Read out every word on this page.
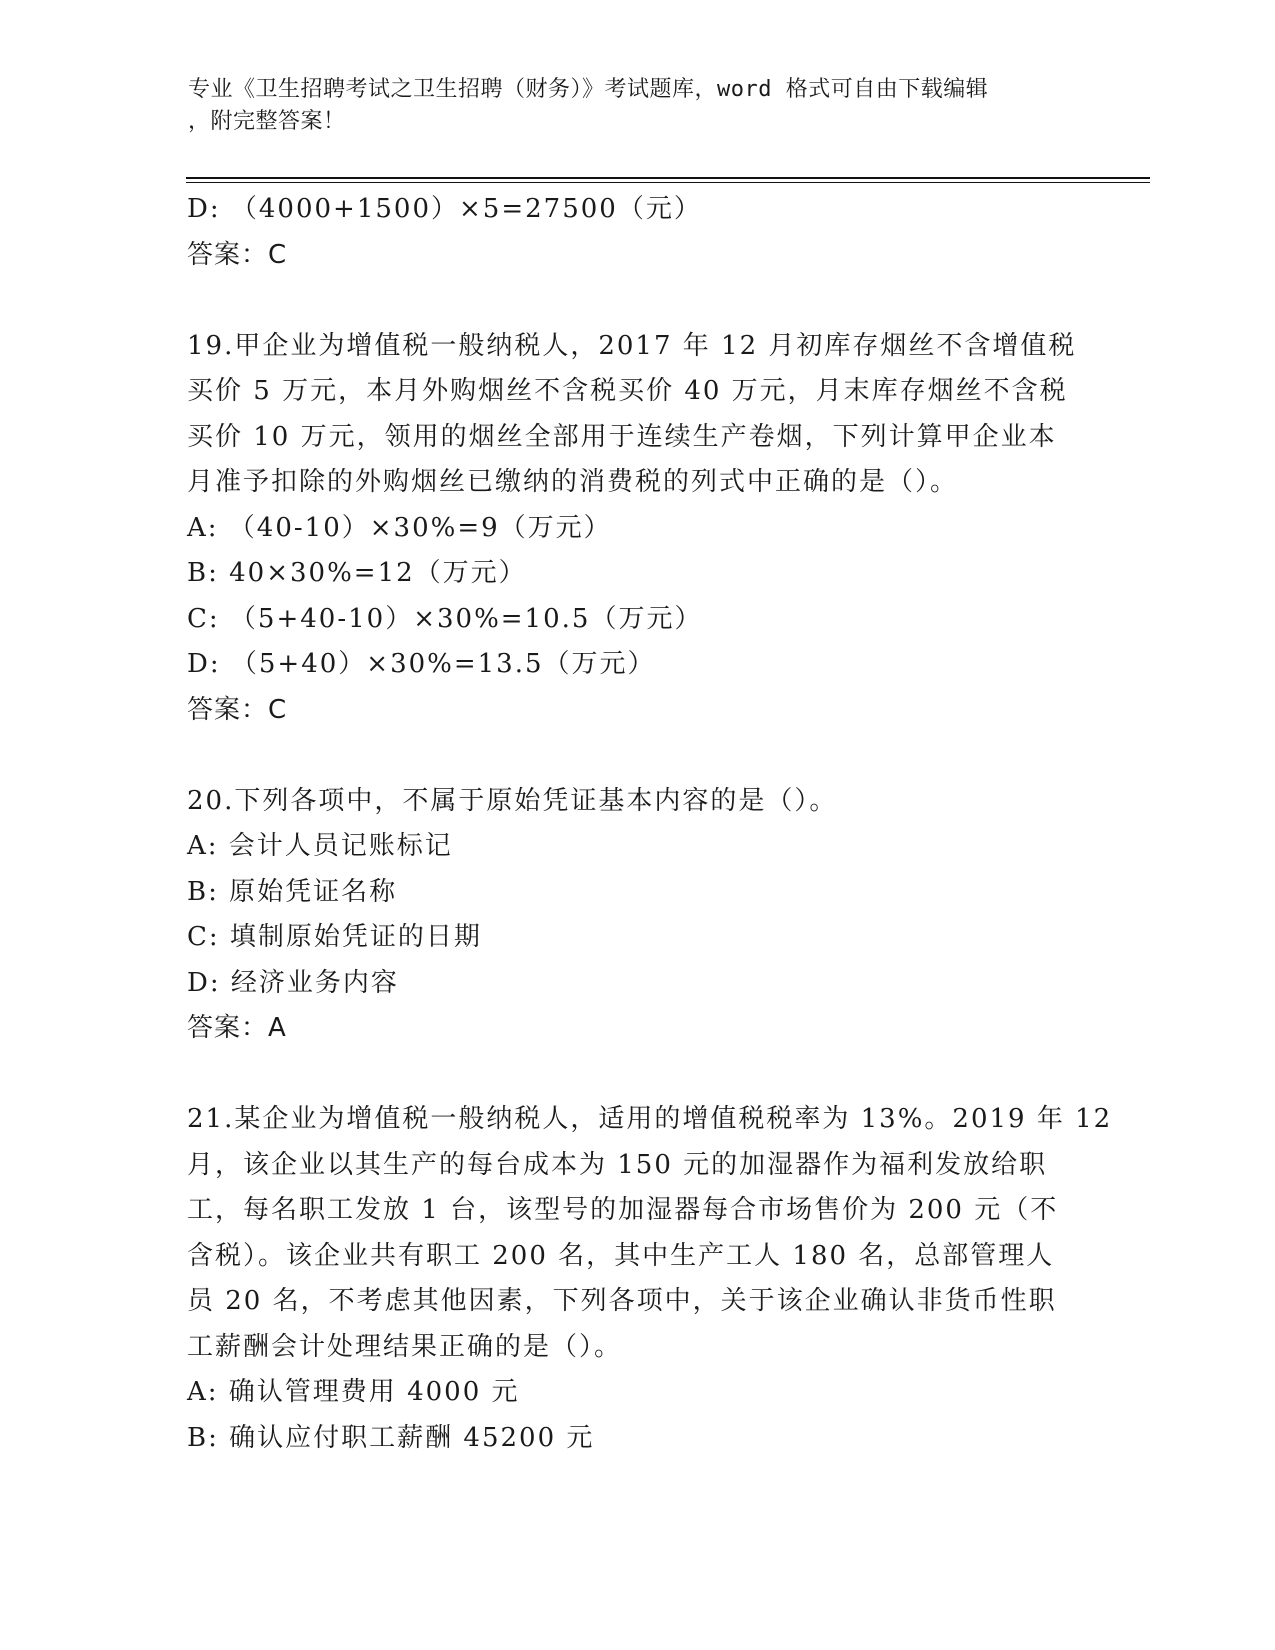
专业《卫生招聘考试之卫生招聘（财务）》考试题库，word 格式可自由下载编辑
，附完整答案！
D: （4000+1500）×5=27500（元）
答案：C
19.甲企业为增值税一般纳税人，2017 年 12 月初库存烟丝不含增值税
买价 5 万元，本月外购烟丝不含税买价 40 万元，月末库存烟丝不含税
买价 10 万元，领用的烟丝全部用于连续生产卷烟，下列计算甲企业本
月准予扣除的外购烟丝已缴纳的消费税的列式中正确的是（）。
A: （40-10）×30%=9（万元）
B: 40×30%=12（万元）
C: （5+40-10）×30%=10.5（万元）
D: （5+40）×30%=13.5（万元）
答案：C
20.下列各项中，不属于原始凭证基本内容的是（）。
A: 会计人员记账标记
B: 原始凭证名称
C: 填制原始凭证的日期
D: 经济业务内容
答案：A
21.某企业为增值税一般纳税人，适用的增值税税率为 13%。2019 年 12
月，该企业以其生产的每台成本为 150 元的加湿器作为福利发放给职
工，每名职工发放 1 台，该型号的加湿器每合市场售价为 200 元（不
含税）。该企业共有职工 200 名，其中生产工人 180 名，总部管理人
员 20 名，不考虑其他因素，下列各项中，关于该企业确认非货币性职
工薪酬会计处理结果正确的是（）。
A: 确认管理费用 4000 元
B: 确认应付职工薪酬 45200 元
